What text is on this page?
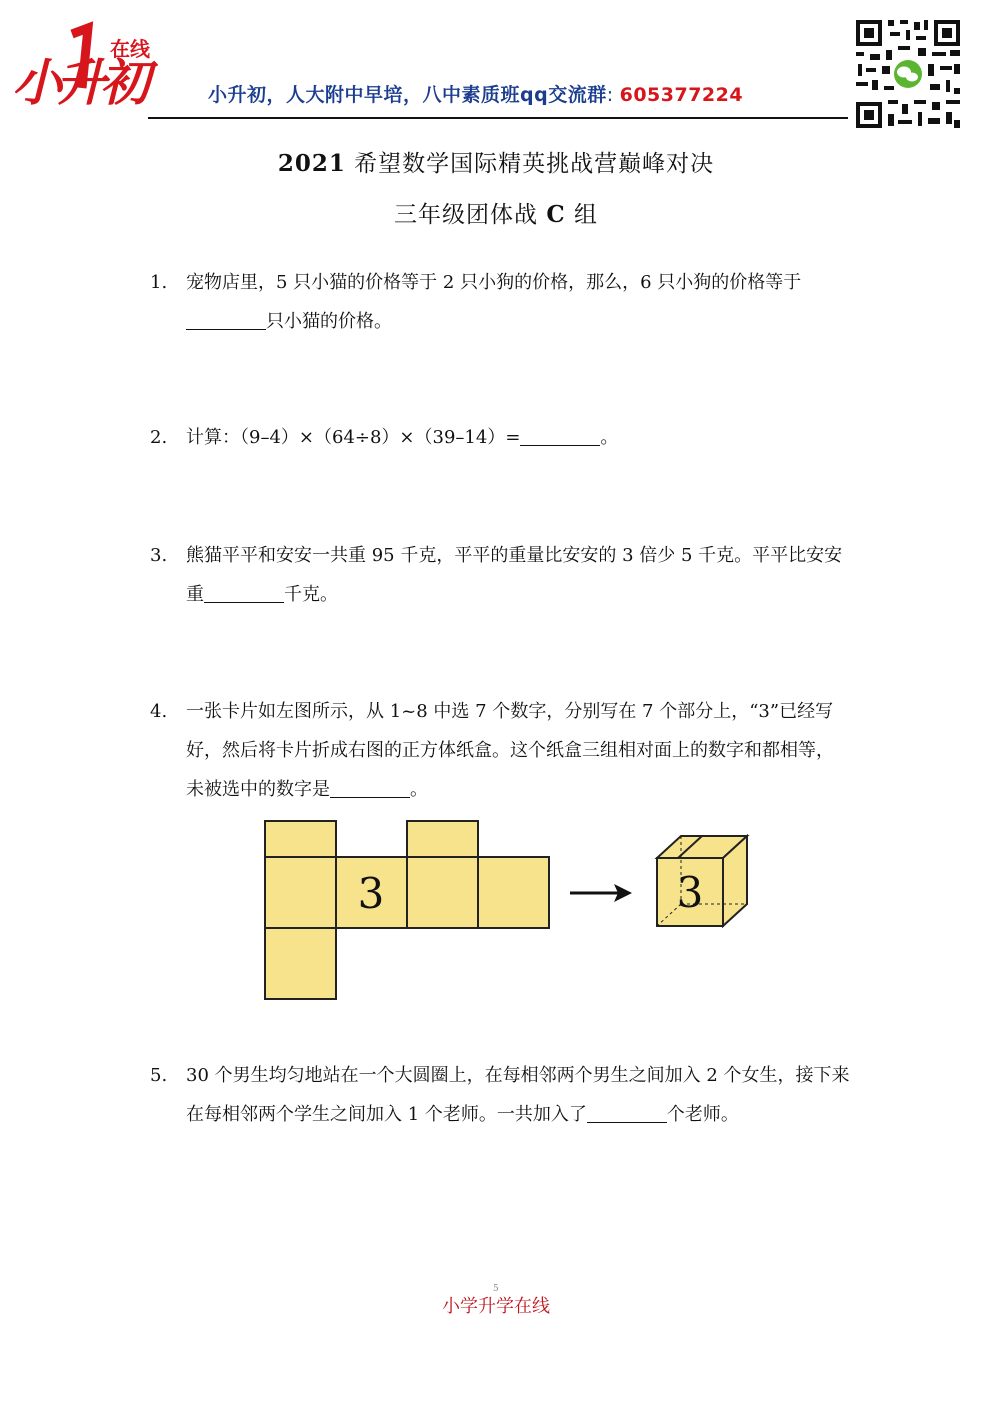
小升初
在线
小升初，人大附中早培，八中素质班qq交流群: 605377224
2021 希望数学国际精英挑战营巅峰对决
三年级团体战 C 组
1.	宠物店里，5 只小猫的价格等于 2 只小狗的价格，那么，6 只小狗的价格等于只小猫的价格。
2.	计算：（9–4）×（64÷8）×（39–14）=	。
3.	熊猫平平和安安一共重 95 千克，平平的重量比安安的 3 倍少 5 千克。平平比安安重	千克。
4.	一张卡片如左图所示，从 1~8 中选 7 个数字，分别写在 7 个部分上，“3”已经写好，然后将卡片折成右图的正方体纸盒。这个纸盒三组相对面上的数字和都相等，未被选中的数字是	。
3	3
5.	30 个男生均匀地站在一个大圆圈上，在每相邻两个男生之间加入 2 个女生，接下来在每相邻两个学生之间加入 1 个老师。一共加入了	个老师。
5
小学升学在线
